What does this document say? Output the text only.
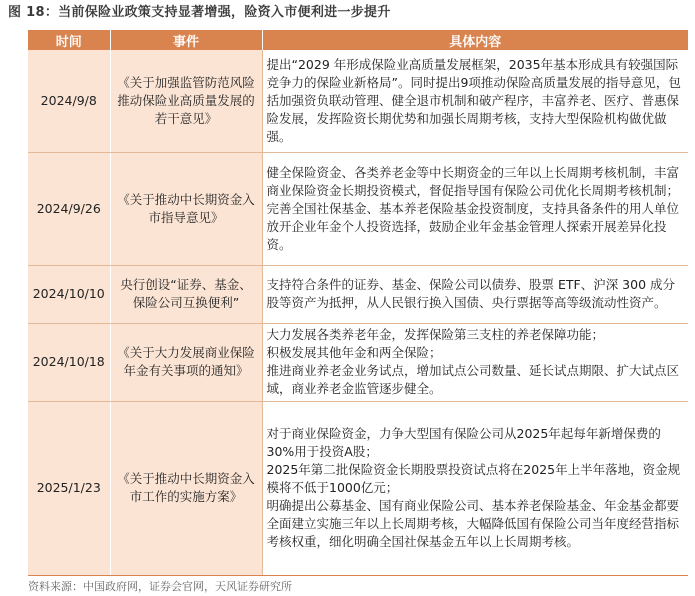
图 18：当前保险业政策支持显著增强，险资入市便利进一步提升
时间	事件	具体内容
2024/9/8	《关于加强监管防范风险推动保险业高质量发展的若干意见》	提出“2029 年形成保险业高质量发展框架，2035年基本形成具有较强国际竞争力的保险业新格局”。同时提出9项推动保险高质量发展的指导意见，包括加强资负联动管理、健全退市机制和破产程序，丰富养老、医疗、普惠保险发展，发挥险资长期优势和加强长周期考核，支持大型保险机构做优做强。

2024/9/26	《关于推动中长期资金入市指导意见》	健全保险资金、各类养老金等中长期资金的三年以上长周期考核机制，丰富商业保险资金长期投资模式，督促指导国有保险公司优化长周期考核机制；
完善全国社保基金、基本养老保险基金投资制度，支持具备条件的用人单位放开企业年金个人投资选择，鼓励企业年金基金管理人探索开展差异化投资。

2024/10/10	央行创设“证券、基金、保险公司互换便利”	支持符合条件的证券、基金、保险公司以债券、股票 ETF、沪深 300 成分股等资产为抵押，从人民银行换入国债、央行票据等高等级流动性资产。

2024/10/18	《关于大力发展商业保险年金有关事项的通知》	大力发展各类养老年金，发挥保险第三支柱的养老保障功能；
积极发展其他年金和两全保险；
推进商业养老金业务试点，增加试点公司数量、延长试点期限、扩大试点区域，商业养老金监管逐步健全。

2025/1/23	《关于推动中长期资金入市工作的实施方案》	对于商业保险资金，力争大型国有保险公司从2025年起每年新增保费的30%用于投资A股；
2025年第二批保险资金长期股票投资试点将在2025年上半年落地，资金规模将不低于1000亿元；
明确提出公募基金、国有商业保险公司、基本养老保险基金、年金基金都要全面建立实施三年以上长周期考核，大幅降低国有保险公司当年度经营指标考核权重，细化明确全国社保基金五年以上长周期考核。
资料来源：中国政府网，证券会官网，天风证券研究所
